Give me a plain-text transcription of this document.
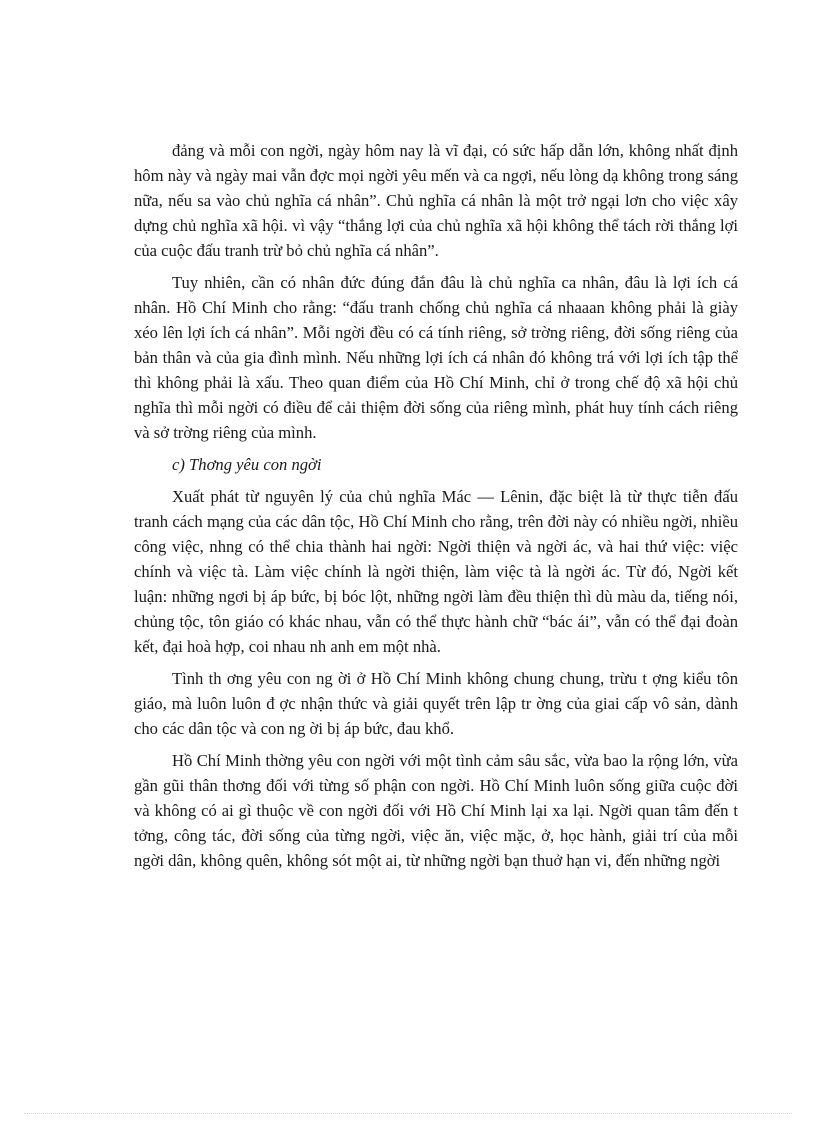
đảng và mỗi con ngời, ngày hôm nay là vĩ đại, có sức hấp dẫn lớn, không nhất định hôm này và ngày mai vẫn đợc mọi ngời yêu mến và ca ngợi, nếu lòng dạ không trong sáng nữa, nếu sa vào chủ nghĩa cá nhân”. Chủ nghĩa cá nhân là một trở ngại lơn cho việc xây dựng chủ nghĩa xã hội. vì vậy “thắng lợi của chủ nghĩa xã hội không thể tách rời thắng lợi của cuộc đấu tranh trừ bỏ chủ nghĩa cá nhân”.

Tuy nhiên, cần có nhân đức đúng đắn đâu là chủ nghĩa ca nhân, đâu là lợi ích cá nhân. Hồ Chí Minh cho rằng: “đấu tranh chống chủ nghĩa cá nhaaan không phải là giày xéo lên lợi ích cá nhân”. Mỗi ngời đều có cá tính riêng, sở trờng riêng, đời sống riêng của bản thân và của gia đình mình. Nếu những lợi ích cá nhân đó không trá với lợi ích tập thể thì không phải là xấu. Theo quan điểm của Hồ Chí Minh, chỉ ở trong chế độ xã hội chủ nghĩa thì mỗi ngời có điều để cải thiệm đời sống của riêng mình, phát huy tính cách riêng và sở trờng riêng của mình.

c) Thơng yêu con ngời

Xuất phát từ nguyên lý của chủ nghĩa Mác — Lênin, đặc biệt là từ thực tiễn đấu tranh cách mạng của các dân tộc, Hồ Chí Minh cho rằng, trên đời này có nhiều ngời, nhiều công việc, nhng có thể chia thành hai ngời: Ngời thiện và ngời ác, và hai thứ việc: việc chính và việc tà. Làm việc chính là ngời thiện, làm việc tà là ngời ác. Từ đó, Ngời kết luận: những ngơi bị áp bức, bị bóc lột, những ngời làm đều thiện thì dù màu da, tiếng nói, chủng tộc, tôn giáo có khác nhau, vẫn có thể thực hành chữ “bác ái”, vẫn có thể đại đoàn kết, đại hoà hợp, coi nhau nh anh em một nhà.

Tình th ơng yêu con ng ời ở Hồ Chí Minh không chung chung, trừu t ợng kiểu tôn giáo, mà luôn luôn đ ợc nhận thức và giải quyết trên lập tr ờng của giai cấp vô sản, dành cho các dân tộc và con ng ời bị áp bức, đau khổ.

Hồ Chí Minh thờng yêu con ngời với một tình cảm sâu sắc, vừa bao la rộng lớn, vừa gần gũi thân thơng đối với từng số phận con ngời. Hồ Chí Minh luôn sống giữa cuộc đời và không có ai gì thuộc về con ngời đối với Hồ Chí Minh lại xa lại. Ngời quan tâm đến t tởng, công tác, đời sống của từng ngời, việc ăn, việc mặc, ở, học hành, giải trí của mỗi ngời dân, không quên, không sót một ai, từ những ngời bạn thuở hạn vi, đến những ngời
